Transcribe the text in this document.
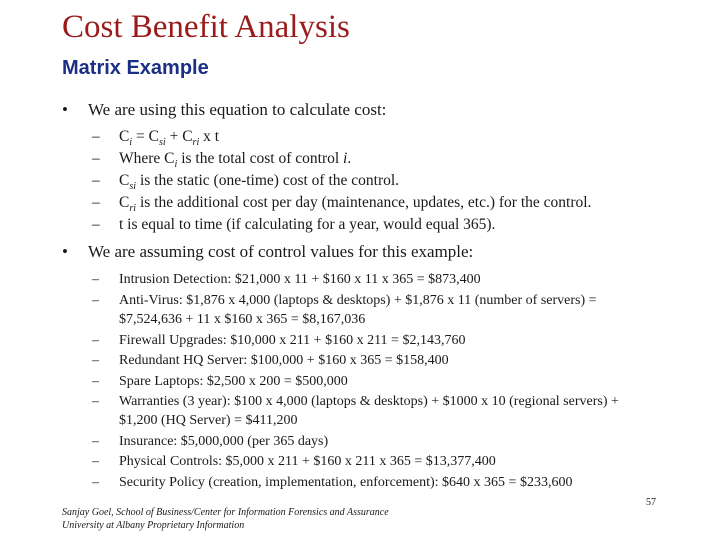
Cost Benefit Analysis
Matrix Example
• We are using this equation to calculate cost:
– $C_i = C_{si} + C_{ri}$ x t
– Where $C_i$ is the total cost of control i.
– $C_{si}$ is the static (one-time) cost of the control.
– $C_{ri}$ is the additional cost per day (maintenance, updates, etc.) for the control.
– t is equal to time (if calculating for a year, would equal 365).
• We are assuming cost of control values for this example:
– Intrusion Detection: $21,000 x 11 + $160 x 11 x 365 = $873,400
– Anti-Virus: $1,876 x 4,000 (laptops & desktops) + $1,876 x 11 (number of servers) =
$7,524,636 + 11 x $160 x 365 = $8,167,036
– Firewall Upgrades: $10,000 x 211 + $160 x 211 = $2,143,760
– Redundant HQ Server: $100,000 + $160 x 365 = $158,400
– Spare Laptops: $2,500 x 200 = $500,000
– Warranties (3 year): $100 x 4,000 (laptops & desktops) + $1000 x 10 (regional servers) +
$1,200 (HQ Server) = $411,200
– Insurance: $5,000,000 (per 365 days)
– Physical Controls: $5,000 x 211 + $160 x 211 x 365 = $13,377,400
– Security Policy (creation, implementation, enforcement): $640 x 365 = $233,600
Sanjay Goel, School of Business/Center for Information Forensics and Assurance
University at Albany Proprietary Information
57
